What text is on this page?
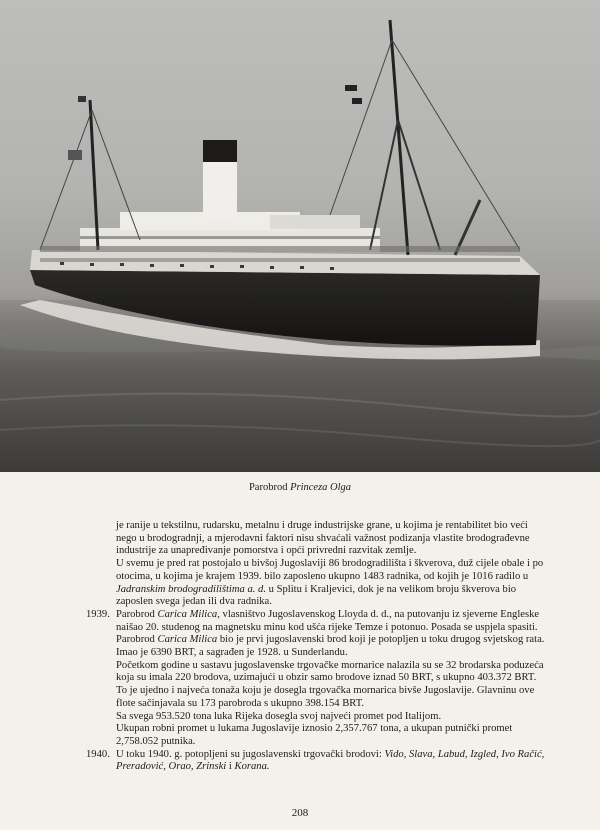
Parobrod Princeza Olga

je ranije u tekstilnu, rudarsku, metalnu i druge industrijske grane, u kojima je rentabilitet bio veći nego u brodogradnji, a mjerodavni faktori nisu shvaćali važnost podizanja vlastite brodograđevne industrije za unapređivanje pomorstva i opći privredni razvitak zemlje.

U svemu je pred rat postojalo u bivšoj Jugoslaviji 86 brodogradilišta i škverova, duž cijele obale i po otocima, u kojima je krajem 1939. bilo zaposleno ukupno 1483 radnika, od kojih je 1016 radilo u Jadranskim brodogradilištima a. d. u Splitu i Kraljevici, dok je na velikom broju škverova bio zaposlen svega jedan ili dva radnika.

1939. Parobrod Carica Milica, vlasništvo Jugoslavenskog Lloyda d. d., na putovanju iz sjeverne Engleske naišao 20. studenog na magnetsku minu kod ušća rijeke Temze i potonuo. Posada se uspjela spasiti. Parobrod Carica Milica bio je prvi jugoslavenski brod koji je potopljen u toku drugog svjetskog rata. Imao je 6390 BRT, a sagrađen je 1928. u Sunderlandu.

Početkom godine u sastavu jugoslavenske trgovačke mornarice nalazila su se 32 brodarska poduzeća koja su imala 220 brodova, uzimajući u obzir samo brodove iznad 50 BRT, s ukupno 403.372 BRT. To je ujedno i najveća tonaža koju je dosegla trgovačka mornarica bivše Jugoslavije. Glavninu ove flote sačinjavala su 173 parobroda s ukupno 398.154 BRT.

Sa svega 953.520 tona luka Rijeka dosegla svoj najveći promet pod Italijom.

Ukupan robni promet u lukama Jugoslavije iznosio 2,357.767 tona, a ukupan putnički promet 2,758.052 putnika.

1940. U toku 1940. g. potopljeni su jugoslavenski trgovački brodovi: Vido, Slava, Labud, Izgled, Ivo Račić, Preradović, Orao, Zrinski i Korana.

208
